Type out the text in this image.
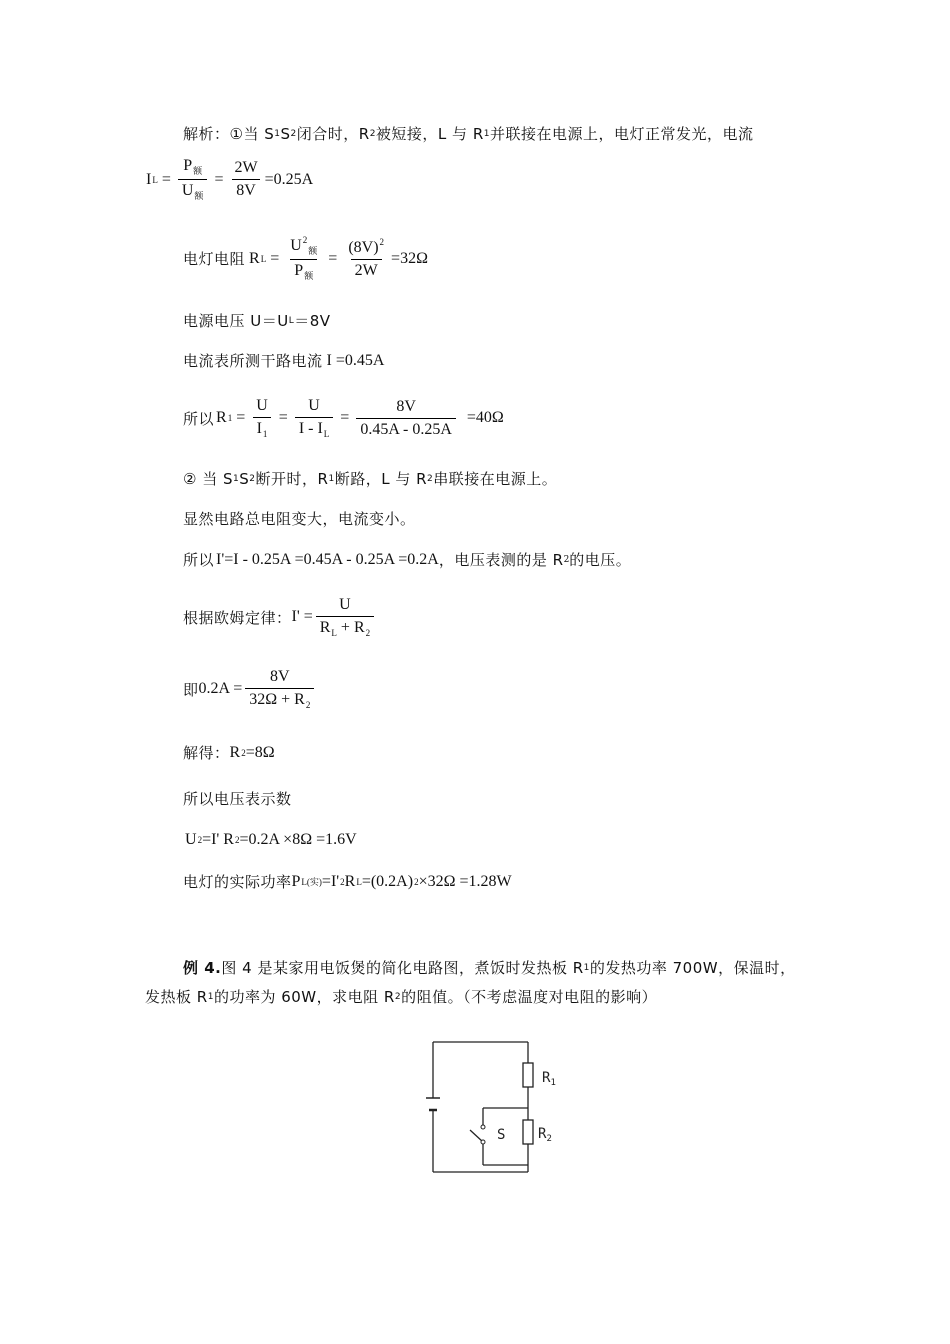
解析：①当 S 1 S 2 闭合时，R 2 被短接，L 与 R 1 并联接在电源上，电灯正常发光，电流
I $L = \frac{P_额}{U_额} = \frac{2W}{8V} =0.25A$
电灯电阻 R $L = \frac{U^2_额}{P_额} = \frac{(8V)^2}{2W} =32\Omega$
电源电压 U＝U L ＝8V
电流表所测干路电流 I =0.45A
所以 R $1 = \frac{U}{I_1} = \frac{U}{I - I_L} = \frac{8V}{0.45A - 0.25A} =40\Omega$
② 当 S 1 S 2 断开时，R 1 断路，L 与 R 2 串联接在电源上。
显然电路总电阻变大，电流变小。
所以 I'=I - 0.25A =0.45A - 0.25A =0.2A ，电压表测的是 R 2 的电压。
根据欧姆定律： $I' = \frac{U}{R_L + R_2}$
即 $0.2A = \frac{8V}{32\Omega + R_2}$
解得： R 2 =8Ω
所以电压表示数
U 2 =I' R 2 =0.2A ×8Ω =1.6V
电灯的实际功率 P L(实) =I' 2 R L =(0.2A) 2 ×32Ω =1.28W
例 4. 图 4 是某家用电饭煲的简化电路图，煮饭时发热板 R 1 的发热功率 700W，保温时，
发热板 R 1 的功率为 60W，求电阻 R 2 的阻值。（不考虑温度对电阻的影响）
$R_1$
$R_2$
S
